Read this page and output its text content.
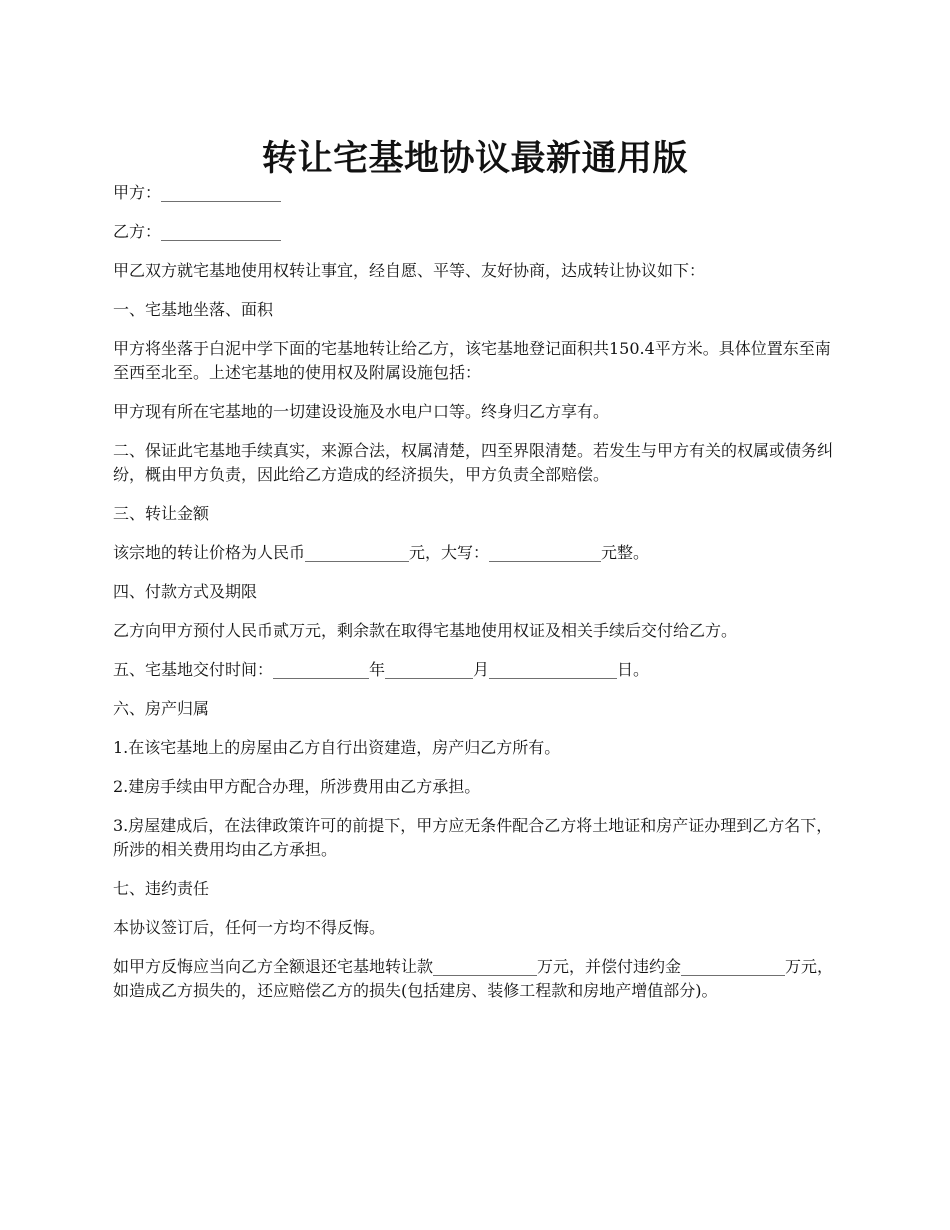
转让宅基地协议最新通用版

甲方：_______________

乙方：_______________

甲乙双方就宅基地使用权转让事宜，经自愿、平等、友好协商，达成转让协议如下：

一、宅基地坐落、面积

甲方将坐落于白泥中学下面的宅基地转让给乙方，该宅基地登记面积共150.4平方米。具体位置东至南至西至北至。上述宅基地的使用权及附属设施包括：

甲方现有所在宅基地的一切建设设施及水电户口等。终身归乙方享有。

二、保证此宅基地手续真实，来源合法，权属清楚，四至界限清楚。若发生与甲方有关的权属或债务纠纷，概由甲方负责，因此给乙方造成的经济损失，甲方负责全部赔偿。

三、转让金额

该宗地的转让价格为人民币_____________元，大写：______________元整。

四、付款方式及期限

乙方向甲方预付人民币贰万元，剩余款在取得宅基地使用权证及相关手续后交付给乙方。

五、宅基地交付时间：____________年___________月________________日。

六、房产归属

1.在该宅基地上的房屋由乙方自行出资建造，房产归乙方所有。

2.建房手续由甲方配合办理，所涉费用由乙方承担。

3.房屋建成后，在法律政策许可的前提下，甲方应无条件配合乙方将土地证和房产证办理到乙方名下，所涉的相关费用均由乙方承担。

七、违约责任

本协议签订后，任何一方均不得反悔。

如甲方反悔应当向乙方全额退还宅基地转让款_____________万元，并偿付违约金_____________万元，如造成乙方损失的，还应赔偿乙方的损失(包括建房、装修工程款和房地产增值部分)。
